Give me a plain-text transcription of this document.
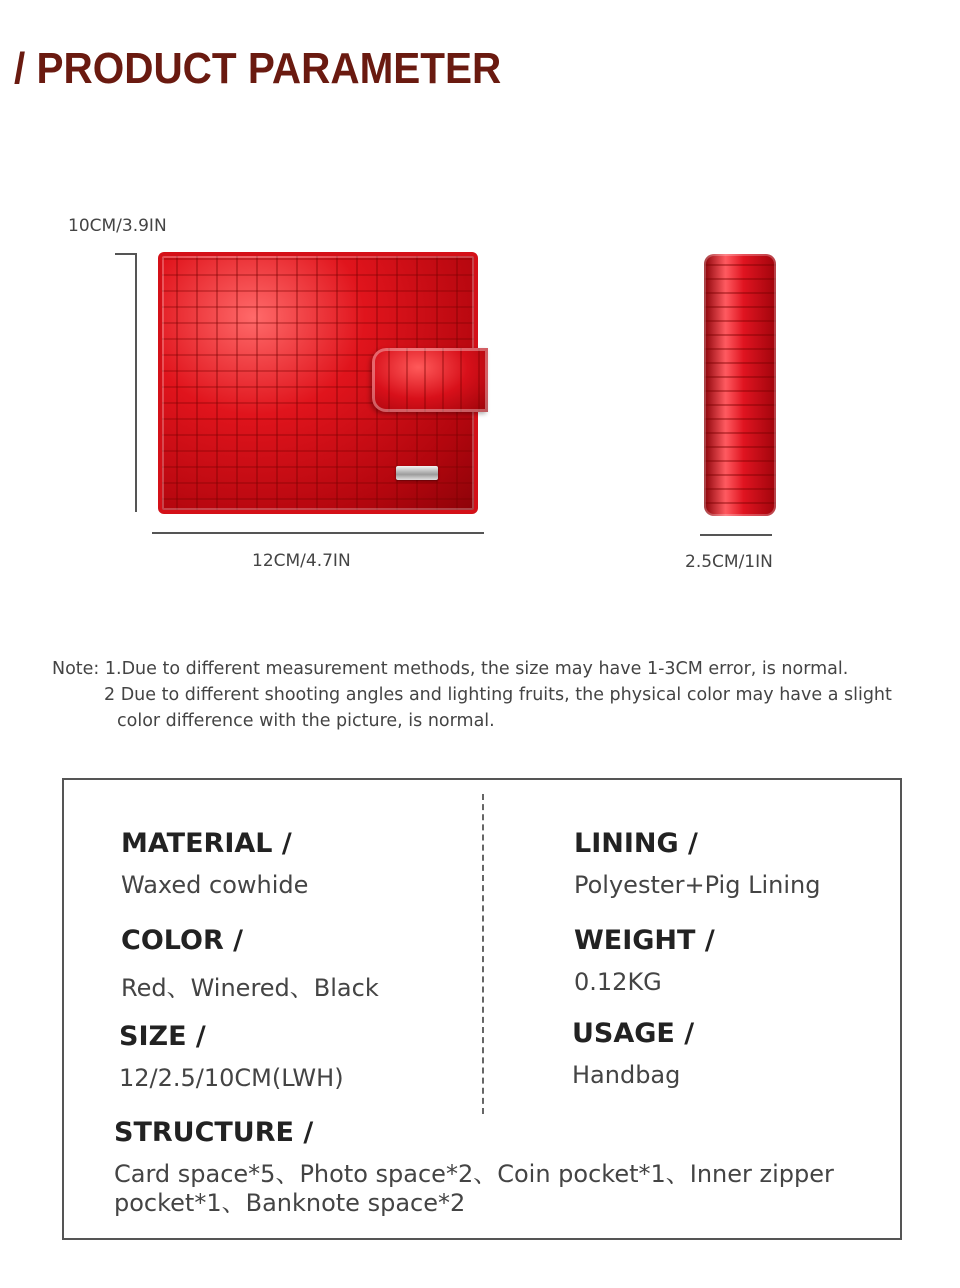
/ PRODUCT PARAMETER
10CM/3.9IN
12CM/4.7IN	2.5CM/1IN
Note: 1.Due to different measurement methods, the size may have 1-3CM error, is normal.
2 Due to different shooting angles and lighting fruits, the physical color may have a slight
color difference with the picture, is normal.
MATERIAL /
Waxed cowhide
LINING /
Polyester+Pig Lining
COLOR /
Red、Winered、Black
WEIGHT /
0.12KG
SIZE /
12/2.5/10CM(LWH)
USAGE /
Handbag
STRUCTURE /
Card space*5、Photo space*2、Coin pocket*1、Inner zipper pocket*1、Banknote space*2
